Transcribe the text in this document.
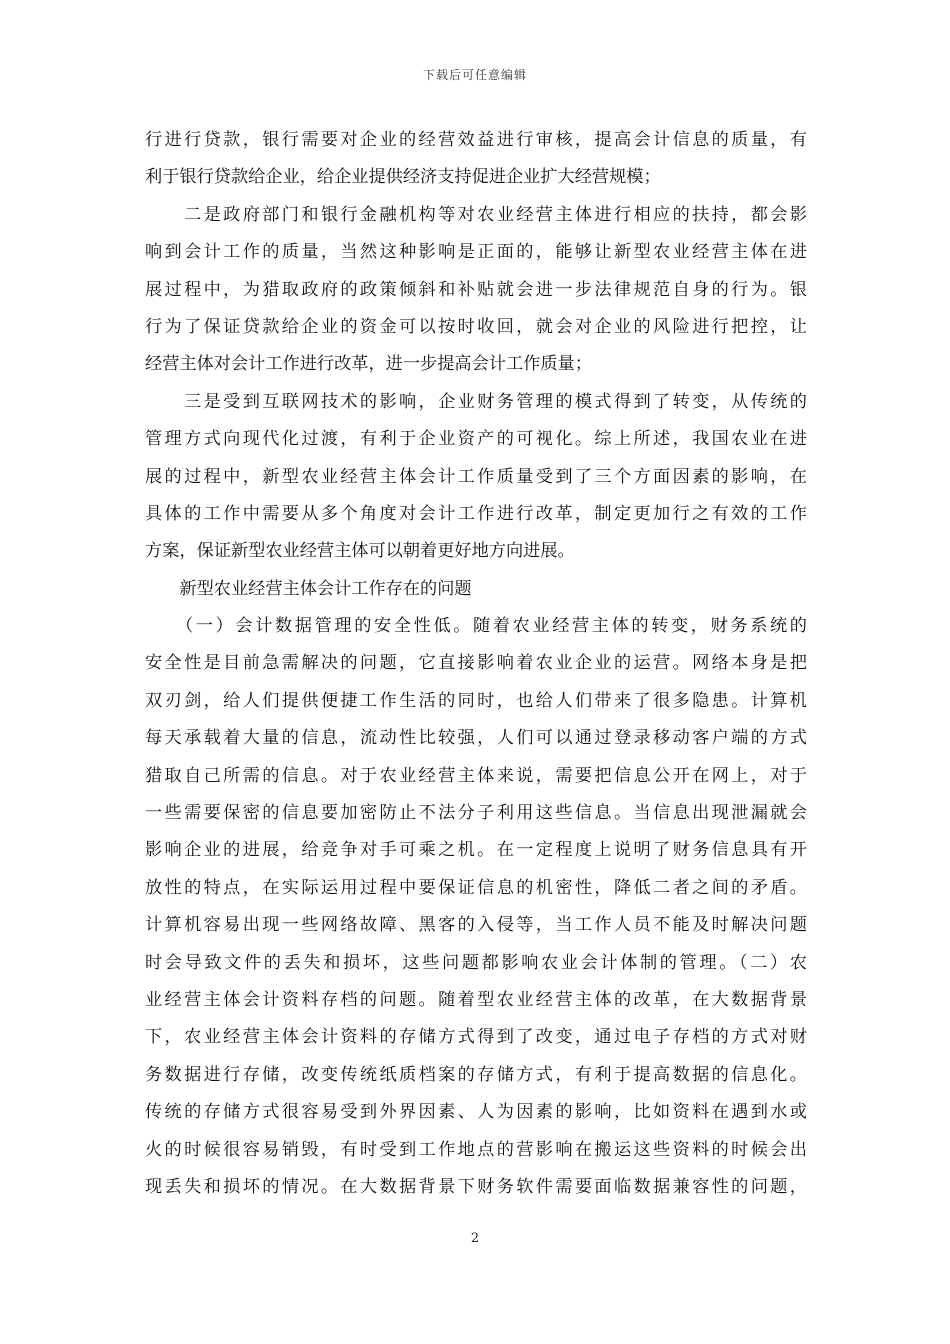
下载后可任意编辑
行进行贷款，银行需要对企业的经营效益进行审核，提高会计信息的质量，有
利于银行贷款给企业，给企业提供经济支持促进企业扩大经营规模；
　　二是政府部门和银行金融机构等对农业经营主体进行相应的扶持，都会影
响到会计工作的质量，当然这种影响是正面的，能够让新型农业经营主体在进
展过程中，为猎取政府的政策倾斜和补贴就会进一步法律规范自身的行为。银
行为了保证贷款给企业的资金可以按时收回，就会对企业的风险进行把控，让
经营主体对会计工作进行改革，进一步提高会计工作质量；
　　三是受到互联网技术的影响，企业财务管理的模式得到了转变，从传统的
管理方式向现代化过渡，有利于企业资产的可视化。综上所述，我国农业在进
展的过程中，新型农业经营主体会计工作质量受到了三个方面因素的影响，在
具体的工作中需要从多个角度对会计工作进行改革，制定更加行之有效的工作
方案，保证新型农业经营主体可以朝着更好地方向进展。
　　新型农业经营主体会计工作存在的问题
　　（一）会计数据管理的安全性低。随着农业经营主体的转变，财务系统的
安全性是目前急需解决的问题，它直接影响着农业企业的运营。网络本身是把
双刃剑，给人们提供便捷工作生活的同时，也给人们带来了很多隐患。计算机
每天承载着大量的信息，流动性比较强，人们可以通过登录移动客户端的方式
猎取自己所需的信息。对于农业经营主体来说，需要把信息公开在网上，对于
一些需要保密的信息要加密防止不法分子利用这些信息。当信息出现泄漏就会
影响企业的进展，给竞争对手可乘之机。在一定程度上说明了财务信息具有开
放性的特点，在实际运用过程中要保证信息的机密性，降低二者之间的矛盾。
计算机容易出现一些网络故障、黑客的入侵等，当工作人员不能及时解决问题
时会导致文件的丢失和损坏，这些问题都影响农业会计体制的管理。（二）农
业经营主体会计资料存档的问题。随着型农业经营主体的改革，在大数据背景
下，农业经营主体会计资料的存储方式得到了改变，通过电子存档的方式对财
务数据进行存储，改变传统纸质档案的存储方式，有利于提高数据的信息化。
传统的存储方式很容易受到外界因素、人为因素的影响，比如资料在遇到水或
火的时候很容易销毁，有时受到工作地点的营影响在搬运这些资料的时候会出
现丢失和损坏的情况。在大数据背景下财务软件需要面临数据兼容性的问题，
2
